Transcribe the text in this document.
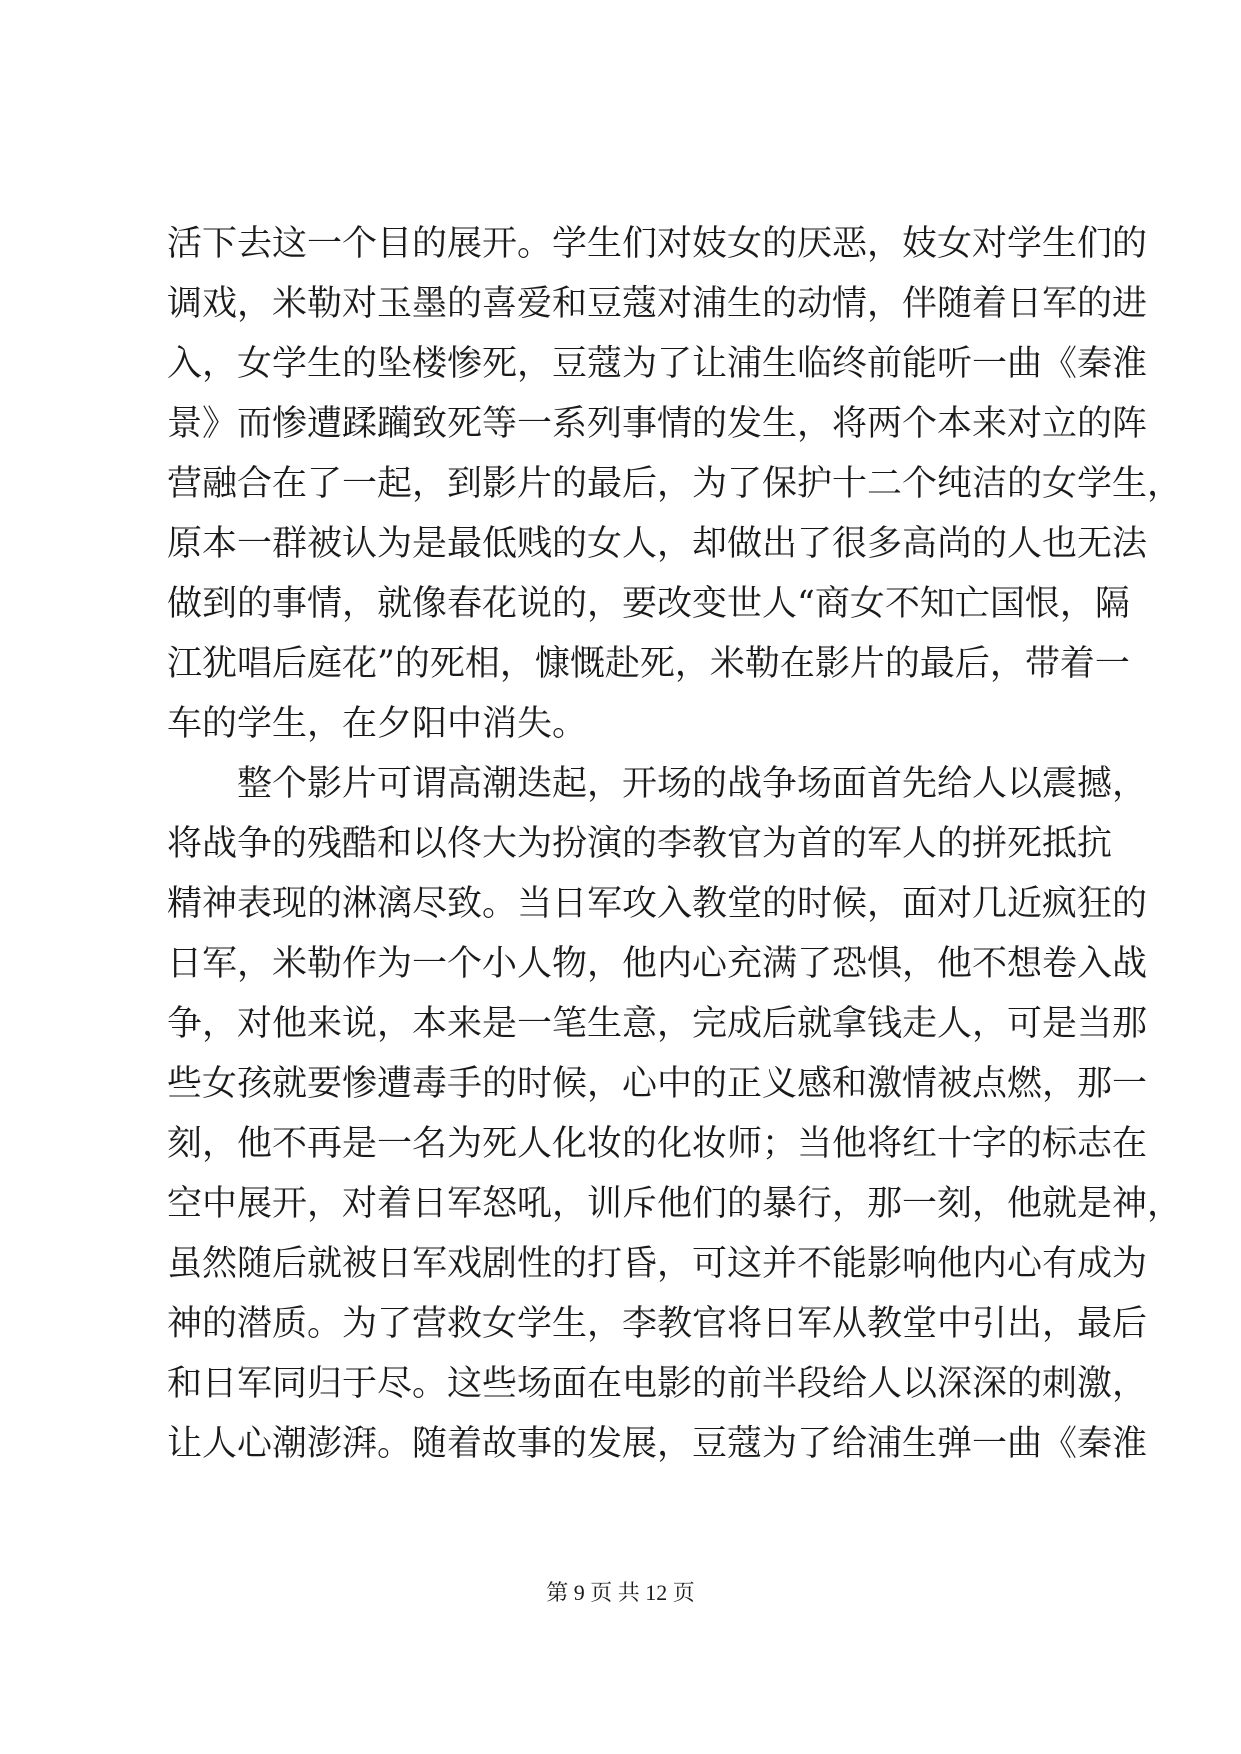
活下去这一个目的展开。学生们对妓女的厌恶，妓女对学生们的
调戏，米勒对玉墨的喜爱和豆蔻对浦生的动情，伴随着日军的进
入，女学生的坠楼惨死，豆蔻为了让浦生临终前能听一曲《秦淮
景》而惨遭蹂躏致死等一系列事情的发生，将两个本来对立的阵
营融合在了一起，到影片的最后，为了保护十二个纯洁的女学生，
原本一群被认为是最低贱的女人，却做出了很多高尚的人也无法
做到的事情，就像春花说的，要改变世人“商女不知亡国恨，隔
江犹唱后庭花”的死相，慷慨赴死，米勒在影片的最后，带着一
车的学生，在夕阳中消失。
整个影片可谓高潮迭起，开场的战争场面首先给人以震撼，
将战争的残酷和以佟大为扮演的李教官为首的军人的拼死抵抗
精神表现的淋漓尽致。当日军攻入教堂的时候，面对几近疯狂的
日军，米勒作为一个小人物，他内心充满了恐惧，他不想卷入战
争，对他来说，本来是一笔生意，完成后就拿钱走人，可是当那
些女孩就要惨遭毒手的时候，心中的正义感和激情被点燃，那一
刻，他不再是一名为死人化妆的化妆师；当他将红十字的标志在
空中展开，对着日军怒吼，训斥他们的暴行，那一刻，他就是神，
虽然随后就被日军戏剧性的打昏，可这并不能影响他内心有成为
神的潜质。为了营救女学生，李教官将日军从教堂中引出，最后
和日军同归于尽。这些场面在电影的前半段给人以深深的刺激，
让人心潮澎湃。随着故事的发展，豆蔻为了给浦生弹一曲《秦淮
第 9 页 共 12 页
